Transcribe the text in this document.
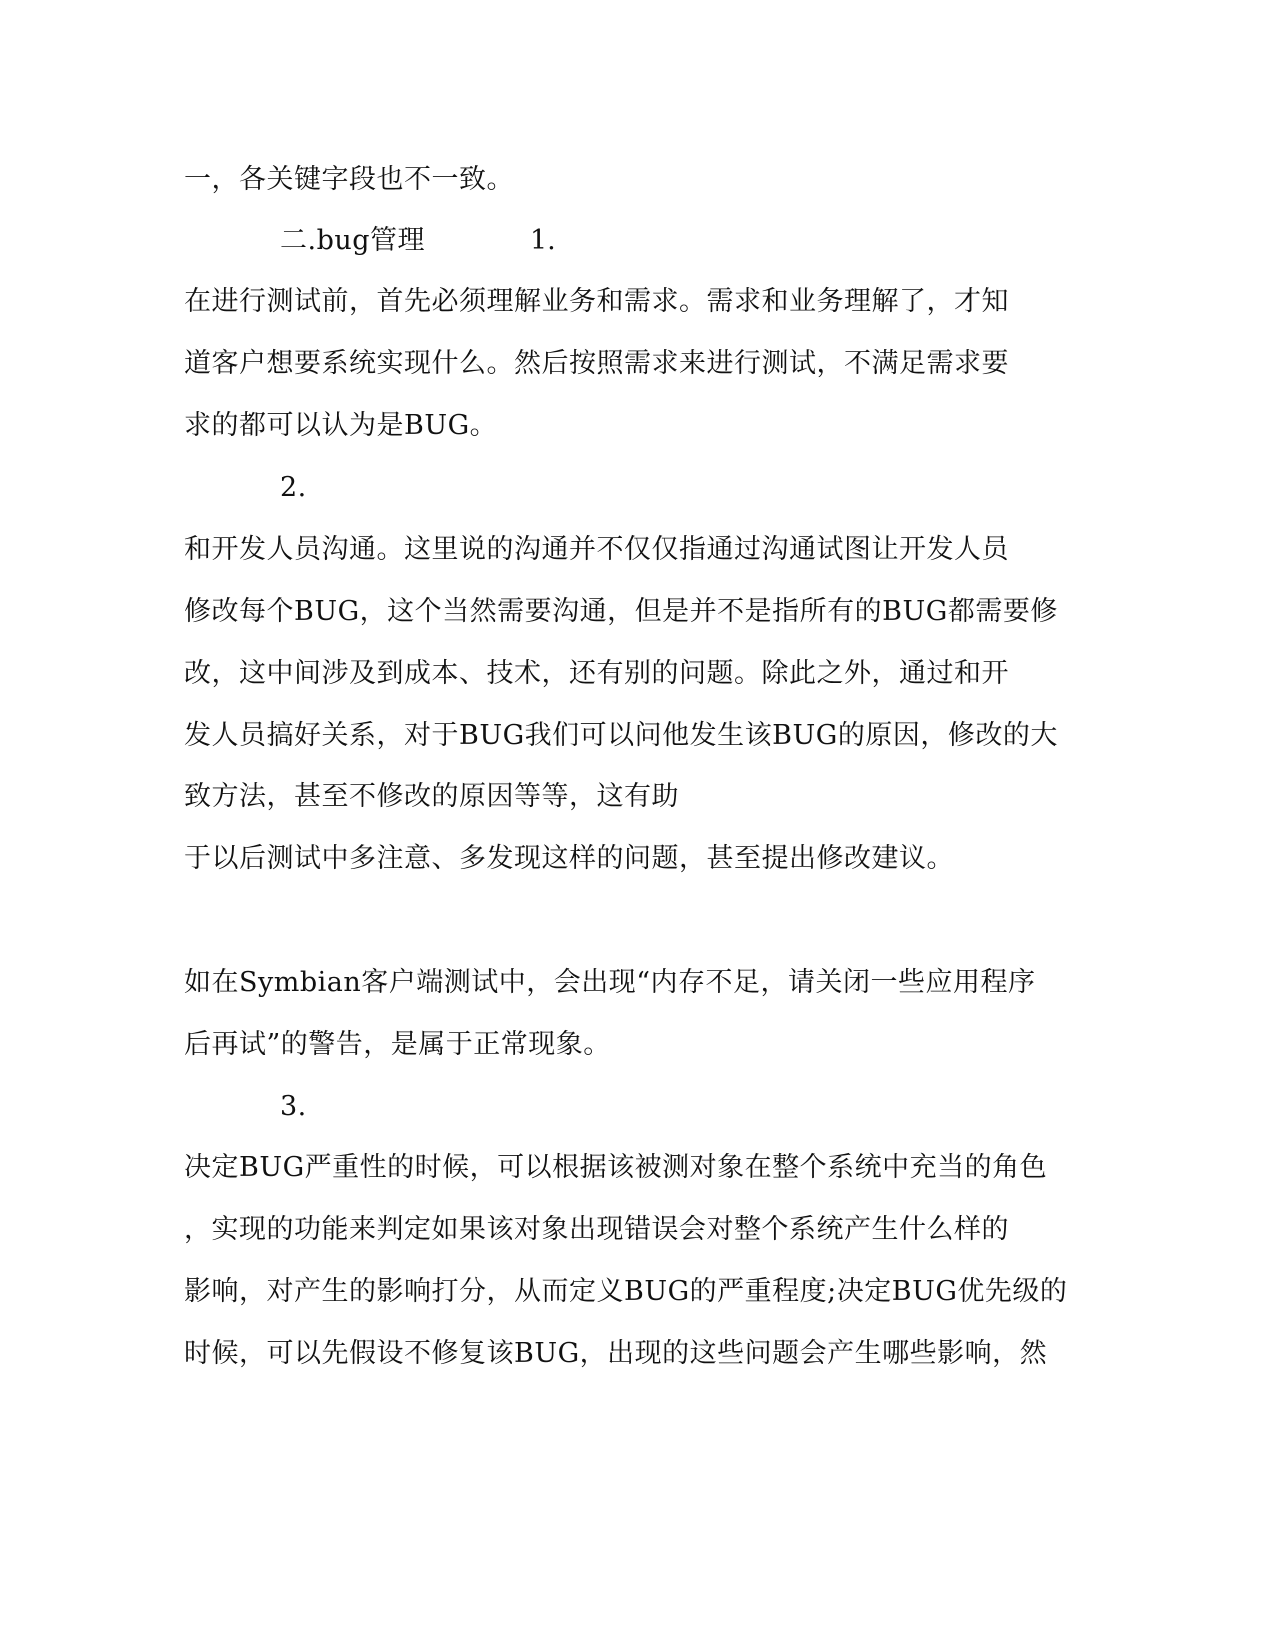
一，各关键字段也不一致。
二.bug管理	1.
在进行测试前，首先必须理解业务和需求。需求和业务理解了，才知
道客户想要系统实现什么。然后按照需求来进行测试，不满足需求要
求的都可以认为是BUG。
2.
和开发人员沟通。这里说的沟通并不仅仅指通过沟通试图让开发人员
修改每个BUG，这个当然需要沟通，但是并不是指所有的BUG都需要修
改，这中间涉及到成本、技术，还有别的问题。除此之外，通过和开
发人员搞好关系，对于BUG我们可以问他发生该BUG的原因，修改的大
致方法，甚至不修改的原因等等，这有助
于以后测试中多注意、多发现这样的问题，甚至提出修改建议。
如在Symbian客户端测试中，会出现“内存不足，请关闭一些应用程序
后再试”的警告，是属于正常现象。
3.
决定BUG严重性的时候，可以根据该被测对象在整个系统中充当的角色
，实现的功能来判定如果该对象出现错误会对整个系统产生什么样的
影响，对产生的影响打分，从而定义BUG的严重程度;决定BUG优先级的
时候，可以先假设不修复该BUG，出现的这些问题会产生哪些影响，然
